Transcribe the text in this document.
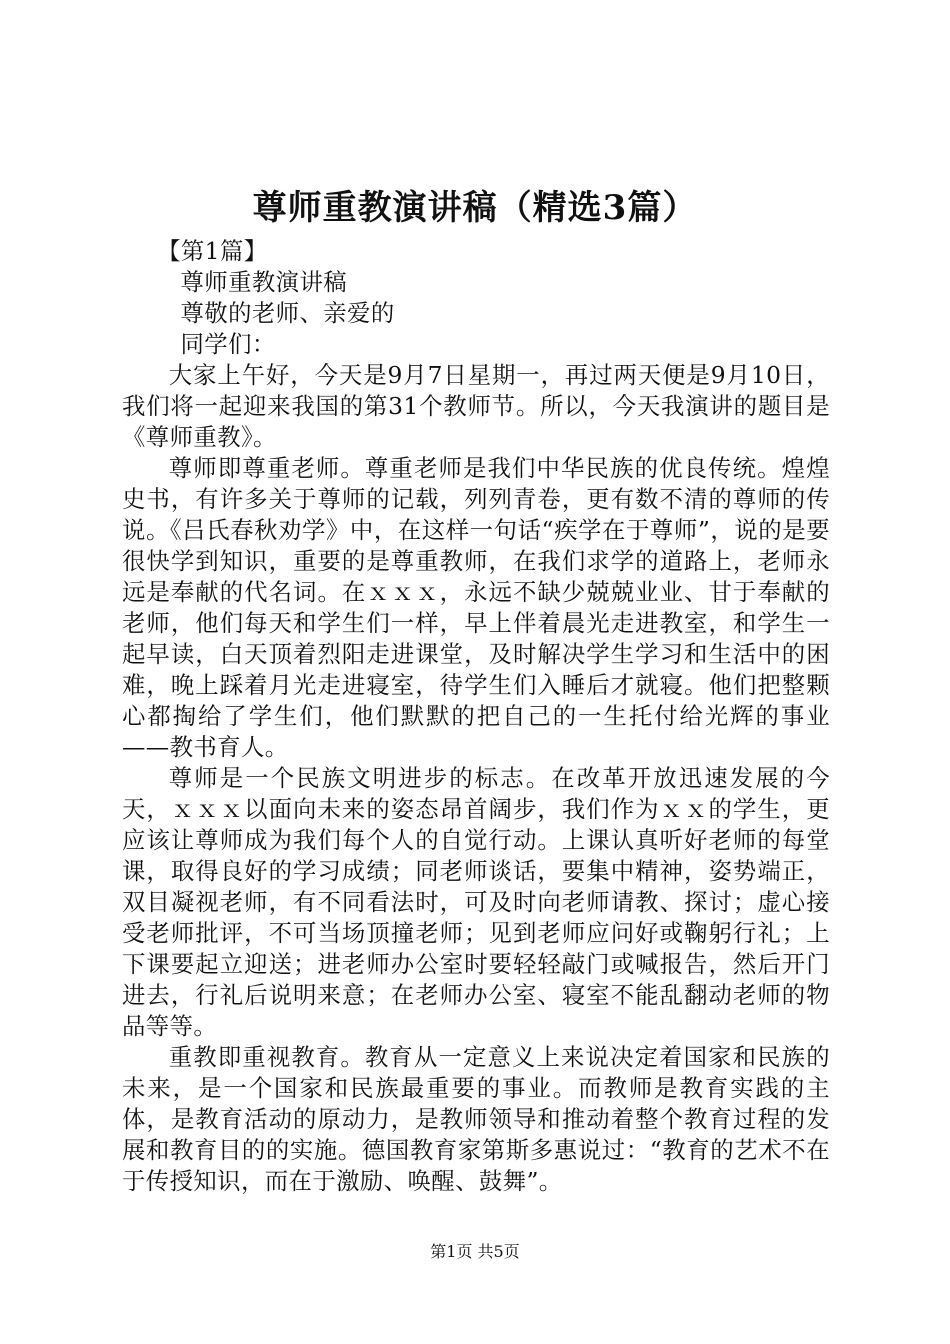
尊师重教演讲稿（精选3篇）

【第1篇】

尊师重教演讲稿

尊敬的老师、亲爱的

同学们：

大家上午好，今天是9月7日星期一，再过两天便是9月10日，我们将一起迎来我国的第31个教师节。所以，今天我演讲的题目是《尊师重教》。

尊师即尊重老师。尊重老师是我们中华民族的优良传统。煌煌史书，有许多关于尊师的记载，列列青卷，更有数不清的尊师的传说。《吕氏春秋劝学》中，在这样一句话“疾学在于尊师”，说的是要很快学到知识，重要的是尊重教师，在我们求学的道路上，老师永远是奉献的代名词。在ｘｘｘ，永远不缺少兢兢业业、甘于奉献的老师，他们每天和学生们一样，早上伴着晨光走进教室，和学生一起早读，白天顶着烈阳走进课堂，及时解决学生学习和生活中的困难，晚上踩着月光走进寝室，待学生们入睡后才就寝。他们把整颗心都掏给了学生们，他们默默的把自己的一生托付给光辉的事业——教书育人。

尊师是一个民族文明进步的标志。在改革开放迅速发展的今天，ｘｘｘ以面向未来的姿态昂首阔步，我们作为ｘｘ的学生，更应该让尊师成为我们每个人的自觉行动。上课认真听好老师的每堂课，取得良好的学习成绩；同老师谈话，要集中精神，姿势端正，双目凝视老师，有不同看法时，可及时向老师请教、探讨；虚心接受老师批评，不可当场顶撞老师；见到老师应问好或鞠躬行礼；上下课要起立迎送；进老师办公室时要轻轻敲门或喊报告，然后开门进去，行礼后说明来意；在老师办公室、寝室不能乱翻动老师的物品等等。

重教即重视教育。教育从一定意义上来说决定着国家和民族的未来，是一个国家和民族最重要的事业。而教师是教育实践的主体，是教育活动的原动力，是教师领导和推动着整个教育过程的发展和教育目的的实施。德国教育家第斯多惠说过：“教育的艺术不在于传授知识，而在于激励、唤醒、鼓舞”。

第1页 共5页
